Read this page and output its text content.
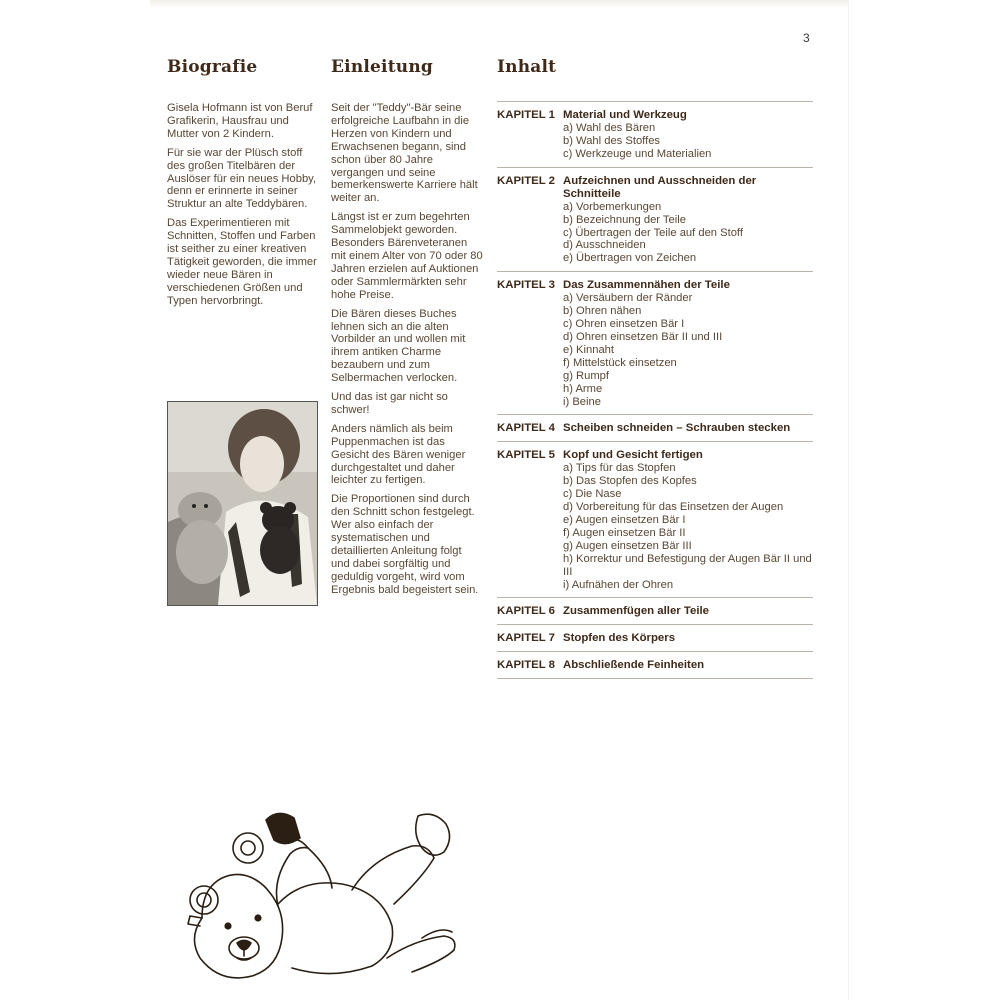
3
Biografie	Einleitung	Inhalt

Gisela Hofmann ist von Beruf Grafikerin, Hausfrau und Mutter von 2 Kindern.

Für sie war der Plüsch stoff des großen Titelbären der Auslöser für ein neues Hobby, denn er erinnerte in seiner Struktur an alte Teddybären.

Das Experimentieren mit Schnitten, Stoffen und Farben ist seither zu einer kreativen Tätigkeit geworden, die immer wieder neue Bären in verschiedenen Größen und Typen hervorbringt.

Seit der "Teddy"-Bär seine erfolgreiche Laufbahn in die Herzen von Kindern und Erwachsenen begann, sind schon über 80 Jahre vergangen und seine bemerkenswerte Karriere hält weiter an.

Längst ist er zum begehrten Sammelobjekt geworden. Besonders Bärenveteranen mit einem Alter von 70 oder 80 Jahren erzielen auf Auktionen oder Sammlermärkten sehr hohe Preise.

Die Bären dieses Buches lehnen sich an die alten Vorbilder an und wollen mit ihrem antiken Charme bezaubern und zum Selbermachen verlocken.

Und das ist gar nicht so schwer!

Anders nämlich als beim Puppenmachen ist das Gesicht des Bären weniger durchgestaltet und daher leichter zu fertigen.

Die Proportionen sind durch den Schnitt schon festgelegt. Wer also einfach der systematischen und detaillierten Anleitung folgt und dabei sorgfältig und geduldig vorgeht, wird vom Ergebnis bald begeistert sein.

KAPITEL 1 Material und Werkzeug
a) Wahl des Bären
b) Wahl des Stoffes
c) Werkzeuge und Materialien
KAPITEL 2 Aufzeichnen und Ausschneiden der Schnitteile
a) Vorbemerkungen
b) Bezeichnung der Teile
c) Übertragen der Teile auf den Stoff
d) Ausschneiden
e) Übertragen von Zeichen
KAPITEL 3 Das Zusammennähen der Teile
a) Versäubern der Ränder
b) Ohren nähen
c) Ohren einsetzen Bär I
d) Ohren einsetzen Bär II und III
e) Kinnaht
f) Mittelstück einsetzen
g) Rumpf
h) Arme
i) Beine
KAPITEL 4 Scheiben schneiden – Schrauben stecken
KAPITEL 5 Kopf und Gesicht fertigen
a) Tips für das Stopfen
b) Das Stopfen des Kopfes
c) Die Nase
d) Vorbereitung für das Einsetzen der Augen
e) Augen einsetzen Bär I
f) Augen einsetzen Bär II
g) Augen einsetzen Bär III
h) Korrektur und Befestigung der Augen Bär II und III
i) Aufnähen der Ohren
KAPITEL 6 Zusammenfügen aller Teile
KAPITEL 7 Stopfen des Körpers
KAPITEL 8 Abschließende Feinheiten
